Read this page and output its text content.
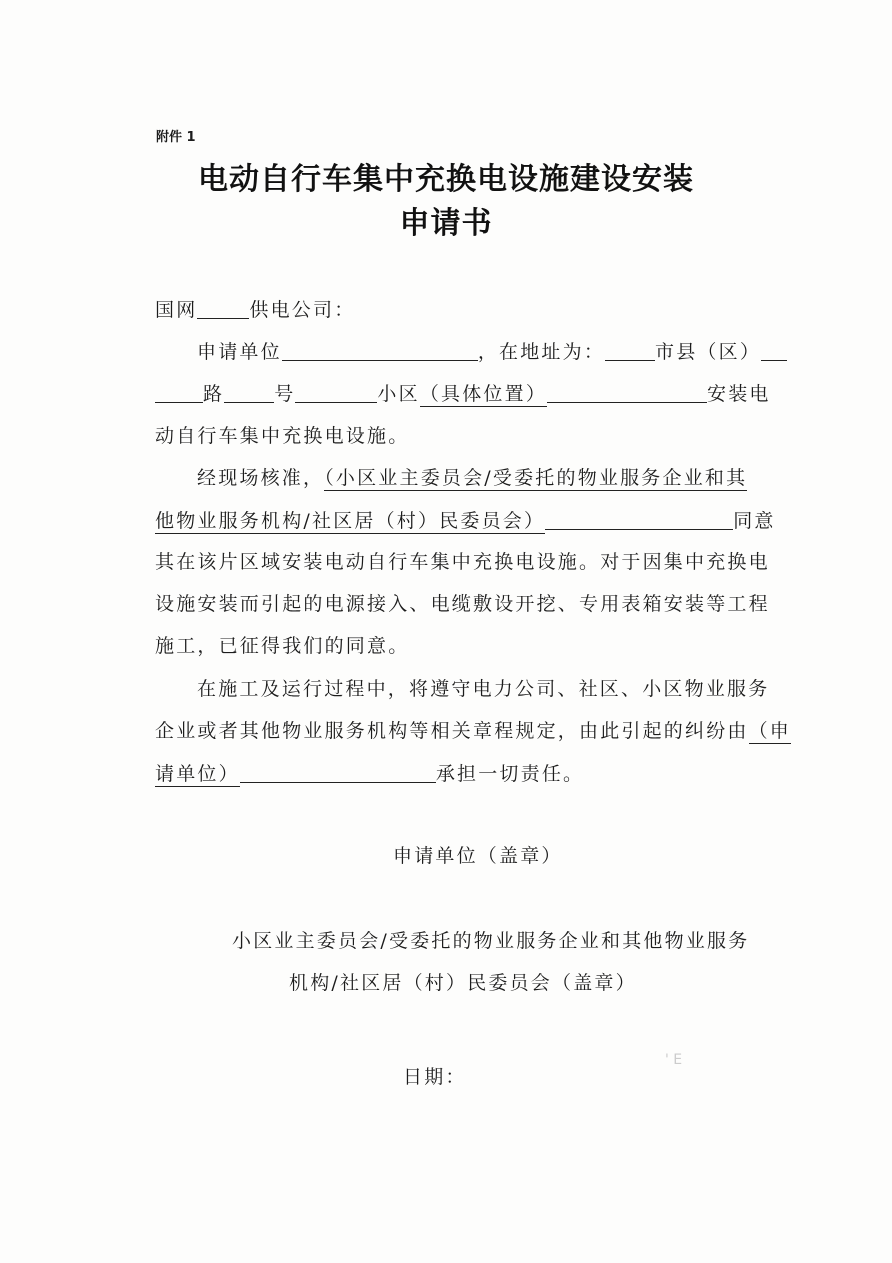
附件 1
电动自行车集中充换电设施建设安装
申请书
国网	供电公司：
申请单位	，在地址为：	市县（区）
路	号	小区（具体位置）	安装电
动自行车集中充换电设施。
经现场核准，（小区业主委员会/受委托的物业服务企业和其
他物业服务机构/社区居（村）民委员会）	同意
其在该片区域安装电动自行车集中充换电设施。对于因集中充换电
设施安装而引起的电源接入、电缆敷设开挖、专用表箱安装等工程
施工，已征得我们的同意。
在施工及运行过程中，将遵守电力公司、社区、小区物业服务
企业或者其他物业服务机构等相关章程规定，由此引起的纠纷由（申
请单位）	承担一切责任。
申请单位（盖章）
小区业主委员会/受委托的物业服务企业和其他物业服务
机构/社区居（村）民委员会（盖章）
日期：
' E
